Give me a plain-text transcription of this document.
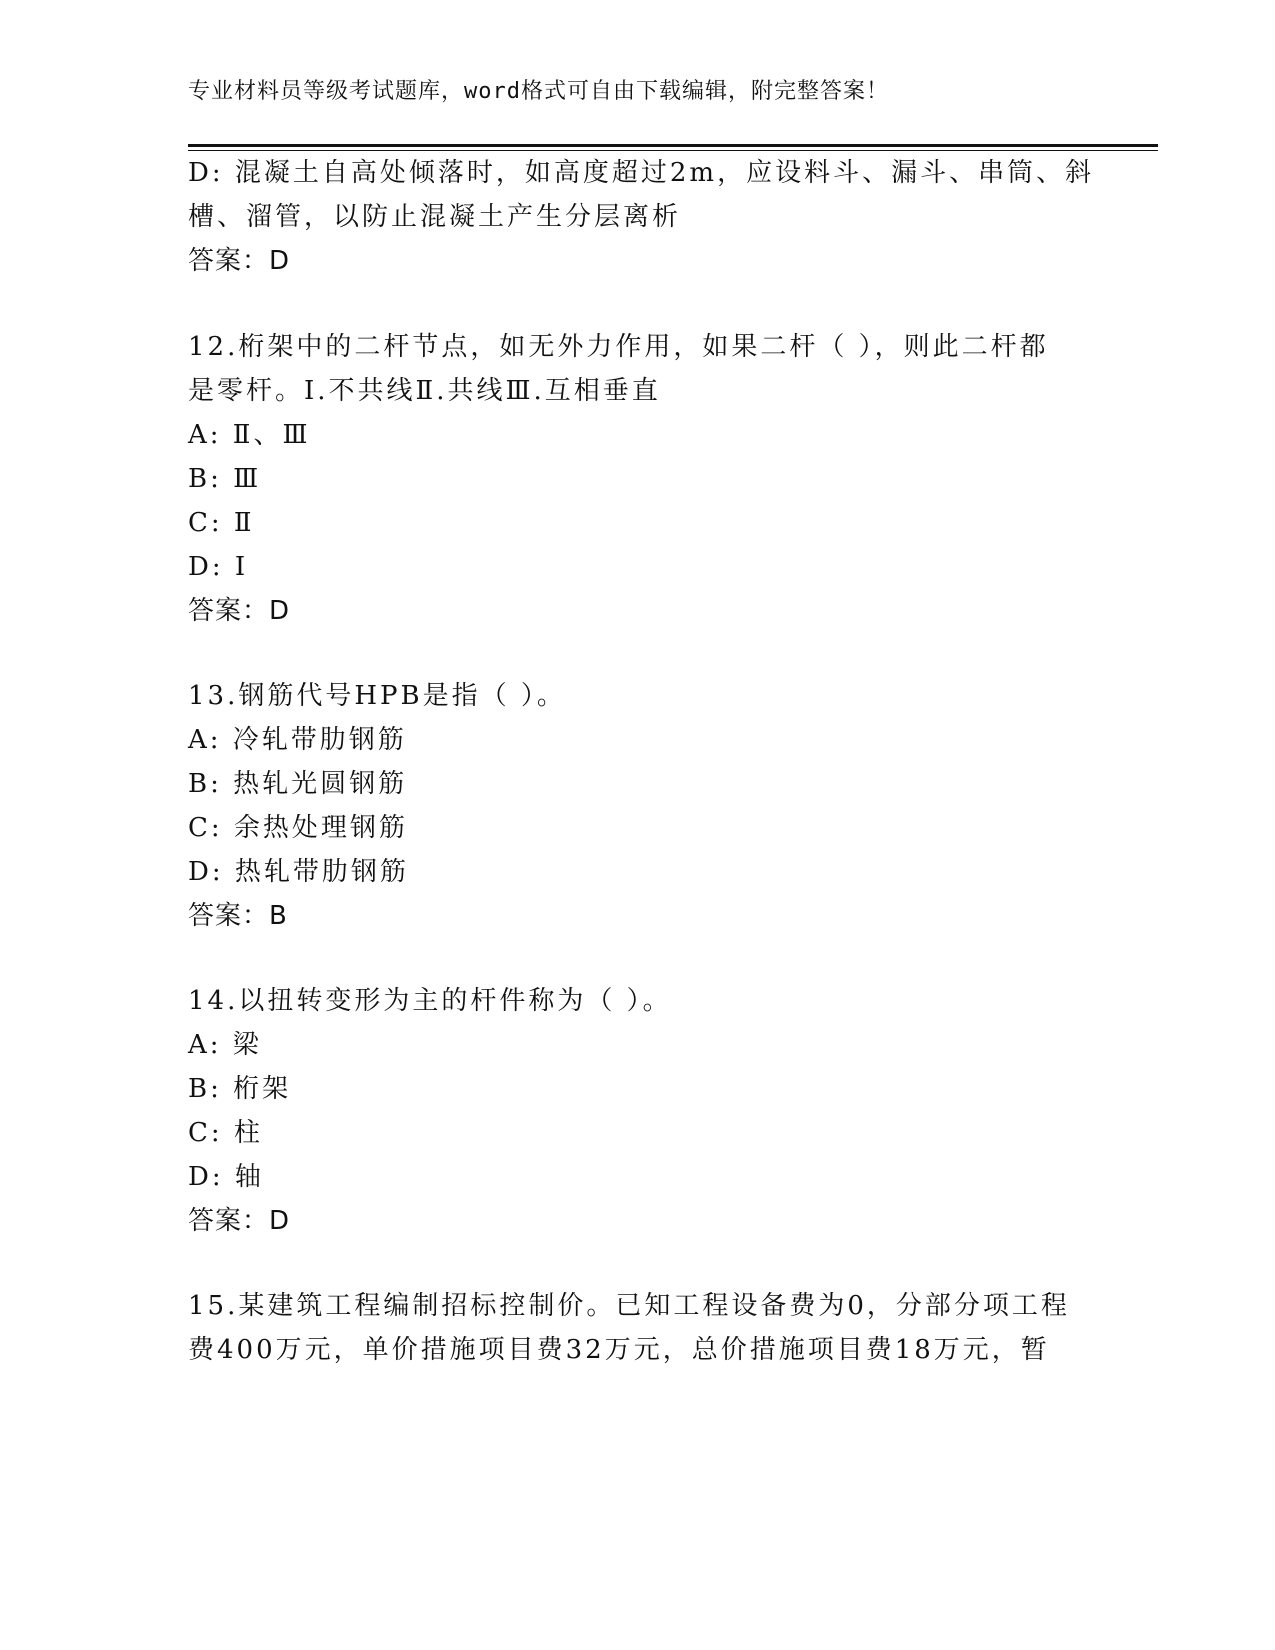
专业材料员等级考试题库，word格式可自由下载编辑，附完整答案！
D: 混凝土自高处倾落时，如高度超过2m，应设料斗、漏斗、串筒、斜
槽、溜管，以防止混凝土产生分层离析
答案：D
12.桁架中的二杆节点，如无外力作用，如果二杆（ ），则此二杆都
是零杆。I.不共线Ⅱ.共线Ⅲ.互相垂直
A: Ⅱ、Ⅲ
B: Ⅲ
C: Ⅱ
D: I
答案：D
13.钢筋代号HPB是指（ ）。
A: 冷轧带肋钢筋
B: 热轧光圆钢筋
C: 余热处理钢筋
D: 热轧带肋钢筋
答案：B
14.以扭转变形为主的杆件称为（ ）。
A: 梁
B: 桁架
C: 柱
D: 轴
答案：D
15.某建筑工程编制招标控制价。已知工程设备费为0，分部分项工程
费400万元，单价措施项目费32万元，总价措施项目费18万元，暂
